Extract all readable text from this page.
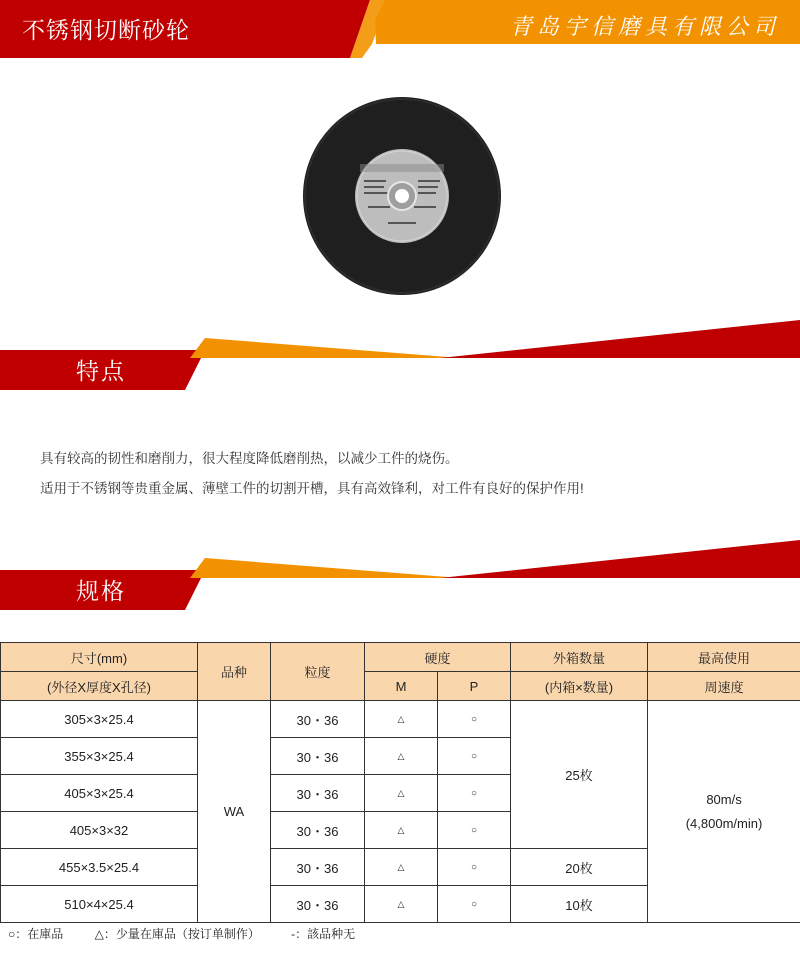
不锈钢切断砂轮	青岛宇信磨具有限公司
特点

具有较高的韧性和磨削力，很大程度降低磨削热，以减少工件的烧伤。

适用于不锈钢等贵重金属、薄壁工件的切割开槽，具有高效锋利，对工件有良好的保护作用!

规格
尺寸(mm)	品种	粒度	硬度		外箱数量	最高使用
(外径X厚度X孔径)			M	P	(内箱×数量)	周速度
305×3×25.4	WA	30・36	△	○	25枚	80m/s
(4,800m/min)

355×3×25.4		30・36	△	○		
405×3×25.4		30・36	△	○		
405×3×32		30・36	△	○		
455×3.5×25.4		30・36	△	○	20枚	
510×4×25.4		30・36	△	○	10枚	
○：在庫品	△：少量在庫品（按订单制作）	-：該品种无
